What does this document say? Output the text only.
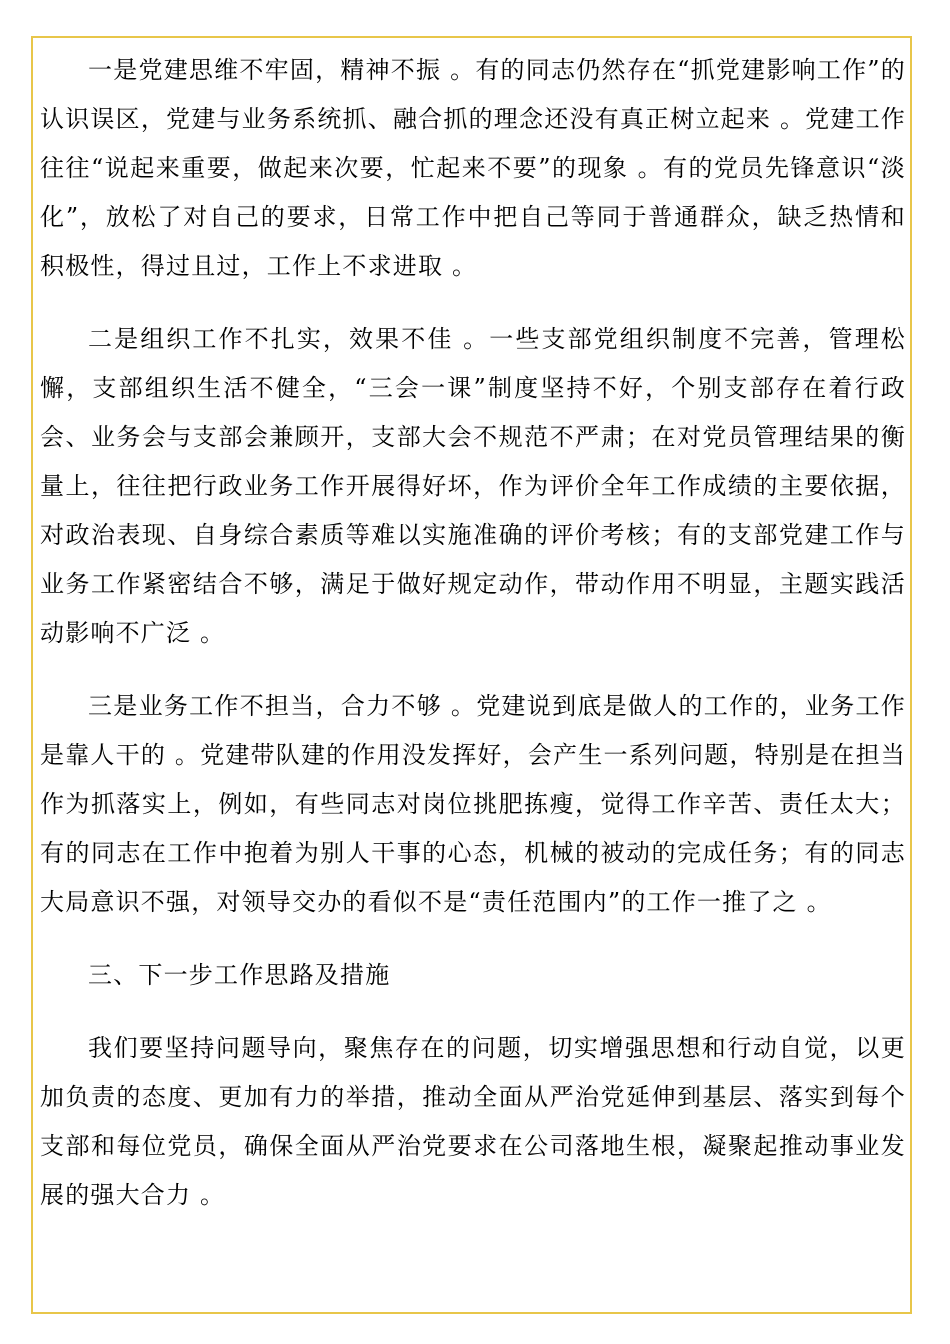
一是党建思维不牢固，精神不振 。有的同志仍然存在“抓党建影响工作”的认识误区，党建与业务系统抓、融合抓的理念还没有真正树立起来 。党建工作往往“说起来重要，做起来次要，忙起来不要”的现象 。有的党员先锋意识“淡化”，放松了对自己的要求，日常工作中把自己等同于普通群众，缺乏热情和积极性，得过且过，工作上不求进取 。

二是组织工作不扎实，效果不佳 。一些支部党组织制度不完善，管理松懈，支部组织生活不健全，“三会一课”制度坚持不好，个别支部存在着行政会、业务会与支部会兼顾开，支部大会不规范不严肃；在对党员管理结果的衡量上，往往把行政业务工作开展得好坏，作为评价全年工作成绩的主要依据，对政治表现、自身综合素质等难以实施准确的评价考核；有的支部党建工作与业务工作紧密结合不够，满足于做好规定动作，带动作用不明显，主题实践活动影响不广泛 。

三是业务工作不担当，合力不够 。党建说到底是做人的工作的，业务工作是靠人干的 。党建带队建的作用没发挥好，会产生一系列问题，特别是在担当作为抓落实上，例如，有些同志对岗位挑肥拣瘦，觉得工作辛苦、责任太大；有的同志在工作中抱着为别人干事的心态，机械的被动的完成任务；有的同志大局意识不强，对领导交办的看似不是“责任范围内”的工作一推了之 。

三、下一步工作思路及措施

我们要坚持问题导向，聚焦存在的问题，切实增强思想和行动自觉，以更加负责的态度、更加有力的举措，推动全面从严治党延伸到基层、落实到每个支部和每位党员，确保全面从严治党要求在公司落地生根，凝聚起推动事业发展的强大合力 。
